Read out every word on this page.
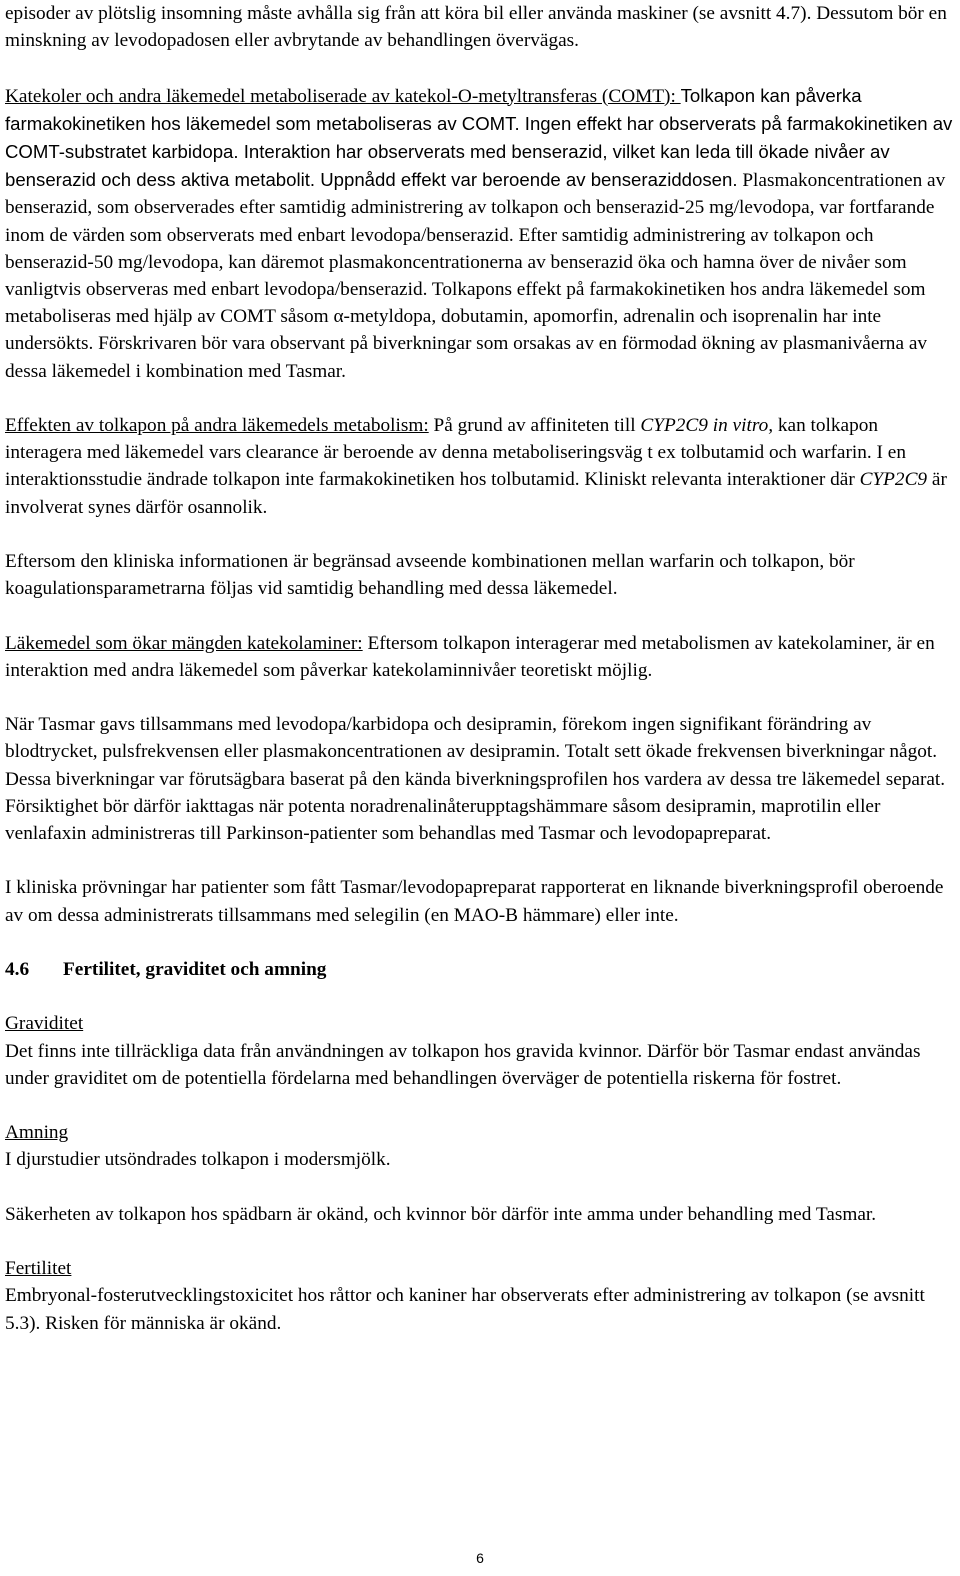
episoder av plötslig insomning måste avhålla sig från att köra bil eller använda maskiner (se avsnitt 4.7). Dessutom bör en minskning av levodopadosen eller avbrytande av behandlingen övervägas.

Katekoler och andra läkemedel metaboliserade av katekol-O-metyltransferas (COMT): Tolkapon kan påverka farmakokinetiken hos läkemedel som metaboliseras av COMT. Ingen effekt har observerats på farmakokinetiken av COMT-substratet karbidopa. Interaktion har observerats med benserazid, vilket kan leda till ökade nivåer av benserazid och dess aktiva metabolit. Uppnådd effekt var beroende av benseraziddosen. Plasmakoncentrationen av benserazid, som observerades efter samtidig administrering av tolkapon och benserazid-25 mg/levodopa, var fortfarande inom de värden som observerats med enbart levodopa/benserazid. Efter samtidig administrering av tolkapon och benserazid-50 mg/levodopa, kan däremot plasmakoncentrationerna av benserazid öka och hamna över de nivåer som vanligtvis observeras med enbart levodopa/benserazid. Tolkapons effekt på farmakokinetiken hos andra läkemedel som metaboliseras med hjälp av COMT såsom α-metyldopa, dobutamin, apomorfin, adrenalin och isoprenalin har inte undersökts. Förskrivaren bör vara observant på biverkningar som orsakas av en förmodad ökning av plasmanivåerna av dessa läkemedel i kombination med Tasmar.

Effekten av tolkapon på andra läkemedels metabolism: På grund av affiniteten till CYP2C9 in vitro, kan tolkapon interagera med läkemedel vars clearance är beroende av denna metaboliseringsväg t ex tolbutamid och warfarin. I en interaktionsstudie ändrade tolkapon inte farmakokinetiken hos tolbutamid. Kliniskt relevanta interaktioner där CYP2C9 är involverat synes därför osannolik.

Eftersom den kliniska informationen är begränsad avseende kombinationen mellan warfarin och tolkapon, bör koagulationsparametrarna följas vid samtidig behandling med dessa läkemedel.

Läkemedel som ökar mängden katekolaminer: Eftersom tolkapon interagerar med metabolismen av katekolaminer, är en interaktion med andra läkemedel som påverkar katekolaminnivåer teoretiskt möjlig.

När Tasmar gavs tillsammans med levodopa/karbidopa och desipramin, förekom ingen signifikant förändring av blodtrycket, pulsfrekvensen eller plasmakoncentrationen av desipramin. Totalt sett ökade frekvensen biverkningar något. Dessa biverkningar var förutsägbara baserat på den kända biverkningsprofilen hos vardera av dessa tre läkemedel separat. Försiktighet bör därför iakttagas när potenta noradrenalinåterupptagshämmare såsom desipramin, maprotilin eller venlafaxin administreras till Parkinson-patienter som behandlas med Tasmar och levodopapreparat.

I kliniska prövningar har patienter som fått Tasmar/levodopapreparat rapporterat en liknande biverkningsprofil oberoende av om dessa administrerats tillsammans med selegilin (en MAO-B hämmare) eller inte.

4.6 Fertilitet, graviditet och amning

Graviditet

Det finns inte tillräckliga data från användningen av tolkapon hos gravida kvinnor. Därför bör Tasmar endast användas under graviditet om de potentiella fördelarna med behandlingen överväger de potentiella riskerna för fostret.

Amning

I djurstudier utsöndrades tolkapon i modersmjölk.

Säkerheten av tolkapon hos spädbarn är okänd, och kvinnor bör därför inte amma under behandling med Tasmar.

Fertilitet

Embryonal-fosterutvecklingstoxicitet hos råttor och kaniner har observerats efter administrering av tolkapon (se avsnitt 5.3). Risken för människa är okänd.

6
